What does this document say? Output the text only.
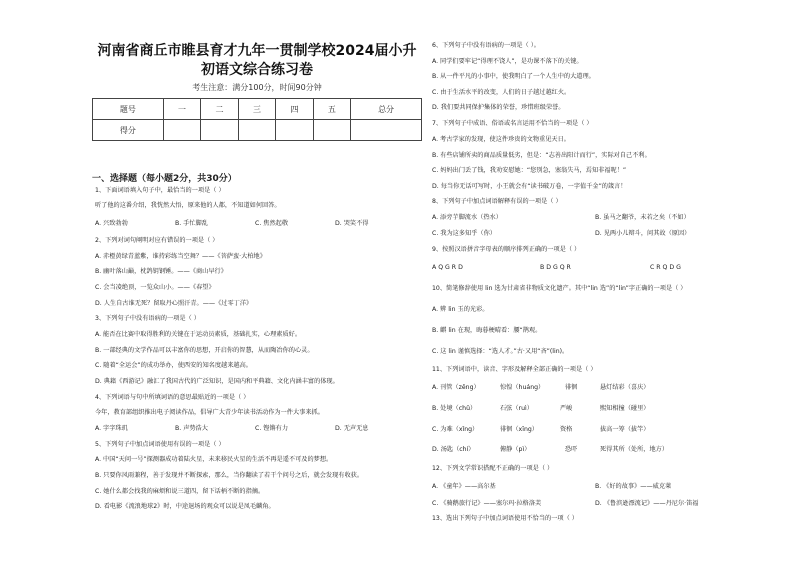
河南省商丘市睢县育才九年一贯制学校2024届小升初语文综合练习卷
考生注意：满分100分，时间90分钟
题号	一	二	三	四	五	总分
得分						
一、选择题（每小题2分，共30分）
1、下面词语填入句子中，最恰当的一项是（ ）
听了他的这番介绍，我恍然大悟，原来他的人都，不知道如何回答。
A. 兴致勃勃	B. 手忙脚乱	C. 焦然起敬	D. 哭笑不得
2、下列对词句阐明对应有错误的一项是（ ）
A. 赤橙黄绿青蓝紫，谁持彩练当空舞？——《菩萨蛮·大柏地》
B. 幽叶落山巅，枕鸽钥钢锤。——《商山早行》
C. 会当凌绝顶，一览众山小。——《春望》
D. 人生自古谁无死？留取丹心照汗青。——《过零丁洋》
3、下列句子中没有语病的一项是（ ）
A. 能否在比赛中取得胜利的关键在于运动员素质，基础扎实，心理素质好。
B. 一部经典的文学作品可以丰富你的思想，开启你的智慧，从而陶冶你的心灵。
C. 随着“全运会”的成功举办，使西安的知名度越来越高。
D. 典籍《西游记》融汇了我国古代的广泛知识，是国内和平典籍、文化内涵丰富的体现。
4、下列词语与句中所填词语的意思最贴近的一项是（ ）
今年，教育部组织推出电子阅读作品，倡导广大青少年读书活动作为一件大事来抓。
A. 字字珠玑	B. 声势浩大	C. 铿锵有力	D. 无声无息
5、下列句子中加点词语使用有误的一项是（ ）
A. 中国“天问一号”探测器成功着陆火星，未来移民火星的生活不再是遥不可及的梦想。
B. 只要你风雨兼程，善于发现并不断探索，那么，当你翻读了若干个问号之后，就会发现有收获。
C. 她什么都会找我的麻烦和说三道四，留下话柄不断的指摘。
D. 看电影《流浪地球2》时，中途退场的观众可以说是凤毛麟角。
6、下列句子中没有语病的一项是（ ）。
A. 同学们要牢记“得理不饶人”，是功课不落下的关键。
B. 从一件平凡的小事中，使我明白了一个人生中的大道理。
C. 由于生活水平的改变，人们的日子越过越红火。
D. 我们要共同保护集体的荣誉，珍惜班级荣誉。
7、下列句子中成语、俗语或名言运用不恰当的一项是（ ）
A. 考古学家的发现，使这件珍贵的文物重见天日。
B. 有些店铺所卖的商品质量低劣，但是：“志善出阳计而行”，实际对自己不利。
C. 妈妈出门丢了钱，我劝安慰她：“您别急，塞翁失马，焉知非福呢！”
D. 每当你无话可写时，小王就会有“读书破万卷，一字值千金”的箴言！
8、下列句子中加点词语解释有误的一项是（ ）
A. 添旁芋脚流水（热水）	B. 虽马之翻爷，未若之矣（不如）
C. 我为这多知乎（你）	D. 见两小儿辩斗，问其故（原因）
9、按照汉语拼音字母表的顺序排列正确的一项是（ ）
A Q G R D	B D G Q R	C R Q D G
10、简笔修辞使用 lin 选为甘肃省非物质文化遗产。其中“lin 选”的“lin”字正确的一项是（ ）
A. 辨 lin 玉的光彩。
B. 麒 lin 在现，晦暮梗晴看：腰“鹊观。
C. 这 lin 谨慎选择：“选人才。”古·又用“吝”(lin)。
11、下列词语中，读音、字形及解释全部正确的一项是（ ）
A. 刊管（zēng）	惊惶（huáng）	徘徊	悬灯结彩（喜庆）
B. 处境（chǔ）	石弦（ruì）	严峻	熙知相撞（碰里）
C. 为难（xǐng）	徘徊（xīng）	资格	拔高一筹（拔竿）
D. 汤匙（chí）	俯静（pì）	恐吓	死得其所（处所，地方）
12、下列文学常识搭配不正确的一项是（ ）
A. 《童年》——高尔基	B. 《好的故事》——威克莱
C. 《骑鹅旅行记》——塞尔玛·拉格洛芙	D. 《鲁滨逊漂流记》——丹尼尔·笛福
13、选出下列句子中加点词语使用不恰当的一项（ ）
